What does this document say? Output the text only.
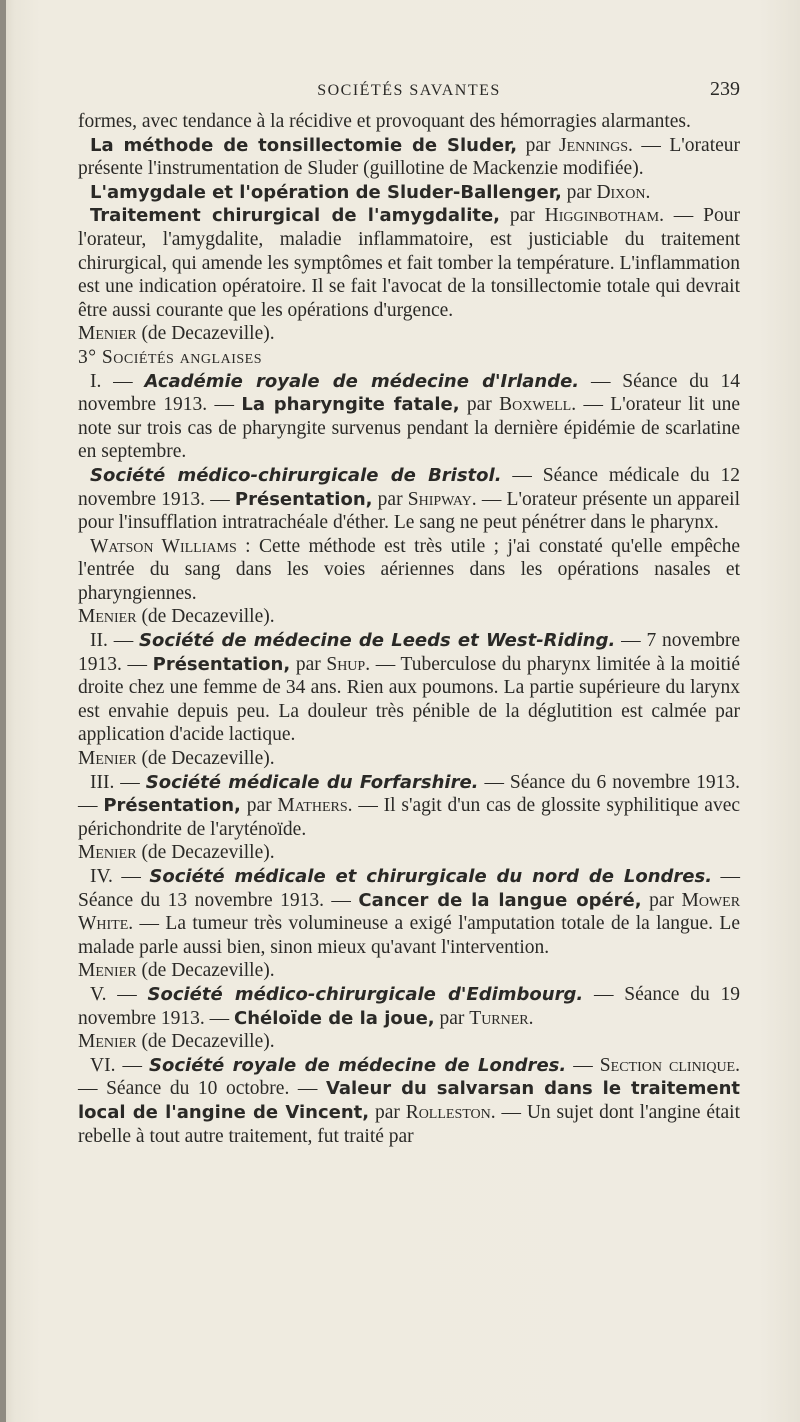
SOCIÉTÉS SAVANTES	239

formes, avec tendance à la récidive et provoquant des hémorragies alarmantes.

La méthode de tonsillectomie de Sluder, par Jennings. — L'orateur présente l'instrumentation de Sluder (guillotine de Mackenzie modifiée).

L'amygdale et l'opération de Sluder-Ballenger, par Dixon.

Traitement chirurgical de l'amygdalite, par Higginbotham. — Pour l'orateur, l'amygdalite, maladie inflammatoire, est justiciable du traitement chirurgical, qui amende les symptômes et fait tomber la température. L'inflammation est une indication opératoire. Il se fait l'avocat de la tonsillectomie totale qui devrait être aussi courante que les opérations d'urgence.

Menier (de Decazeville).

3° Sociétés anglaises

I. — Académie royale de médecine d'Irlande. — Séance du 14 novembre 1913. — La pharyngite fatale, par Boxwell. — L'orateur lit une note sur trois cas de pharyngite survenus pendant la dernière épidémie de scarlatine en septembre.

Société médico-chirurgicale de Bristol. — Séance médicale du 12 novembre 1913. — Présentation, par Shipway. — L'orateur présente un appareil pour l'insufflation intratrachéale d'éther. Le sang ne peut pénétrer dans le pharynx.

Watson Williams : Cette méthode est très utile ; j'ai constaté qu'elle empêche l'entrée du sang dans les voies aériennes dans les opérations nasales et pharyngiennes.

Menier (de Decazeville).

II. — Société de médecine de Leeds et West-Riding. — 7 novembre 1913. — Présentation, par Shup. — Tuberculose du pharynx limitée à la moitié droite chez une femme de 34 ans. Rien aux poumons. La partie supérieure du larynx est envahie depuis peu. La douleur très pénible de la déglutition est calmée par application d'acide lactique.

Menier (de Decazeville).

III. — Société médicale du Forfarshire. — Séance du 6 novembre 1913. — Présentation, par Mathers. — Il s'agit d'un cas de glossite syphilitique avec périchondrite de l'aryténoïde.

Menier (de Decazeville).

IV. — Société médicale et chirurgicale du nord de Londres. — Séance du 13 novembre 1913. — Cancer de la langue opéré, par Mower White. — La tumeur très volumineuse a exigé l'amputation totale de la langue. Le malade parle aussi bien, sinon mieux qu'avant l'intervention.

Menier (de Decazeville).

V. — Société médico-chirurgicale d'Edimbourg. — Séance du 19 novembre 1913. — Chéloïde de la joue, par Turner.

Menier (de Decazeville).

VI. — Société royale de médecine de Londres. — Section clinique. — Séance du 10 octobre. — Valeur du salvarsan dans le traitement local de l'angine de Vincent, par Rolleston. — Un sujet dont l'angine était rebelle à tout autre traitement, fut traité par
